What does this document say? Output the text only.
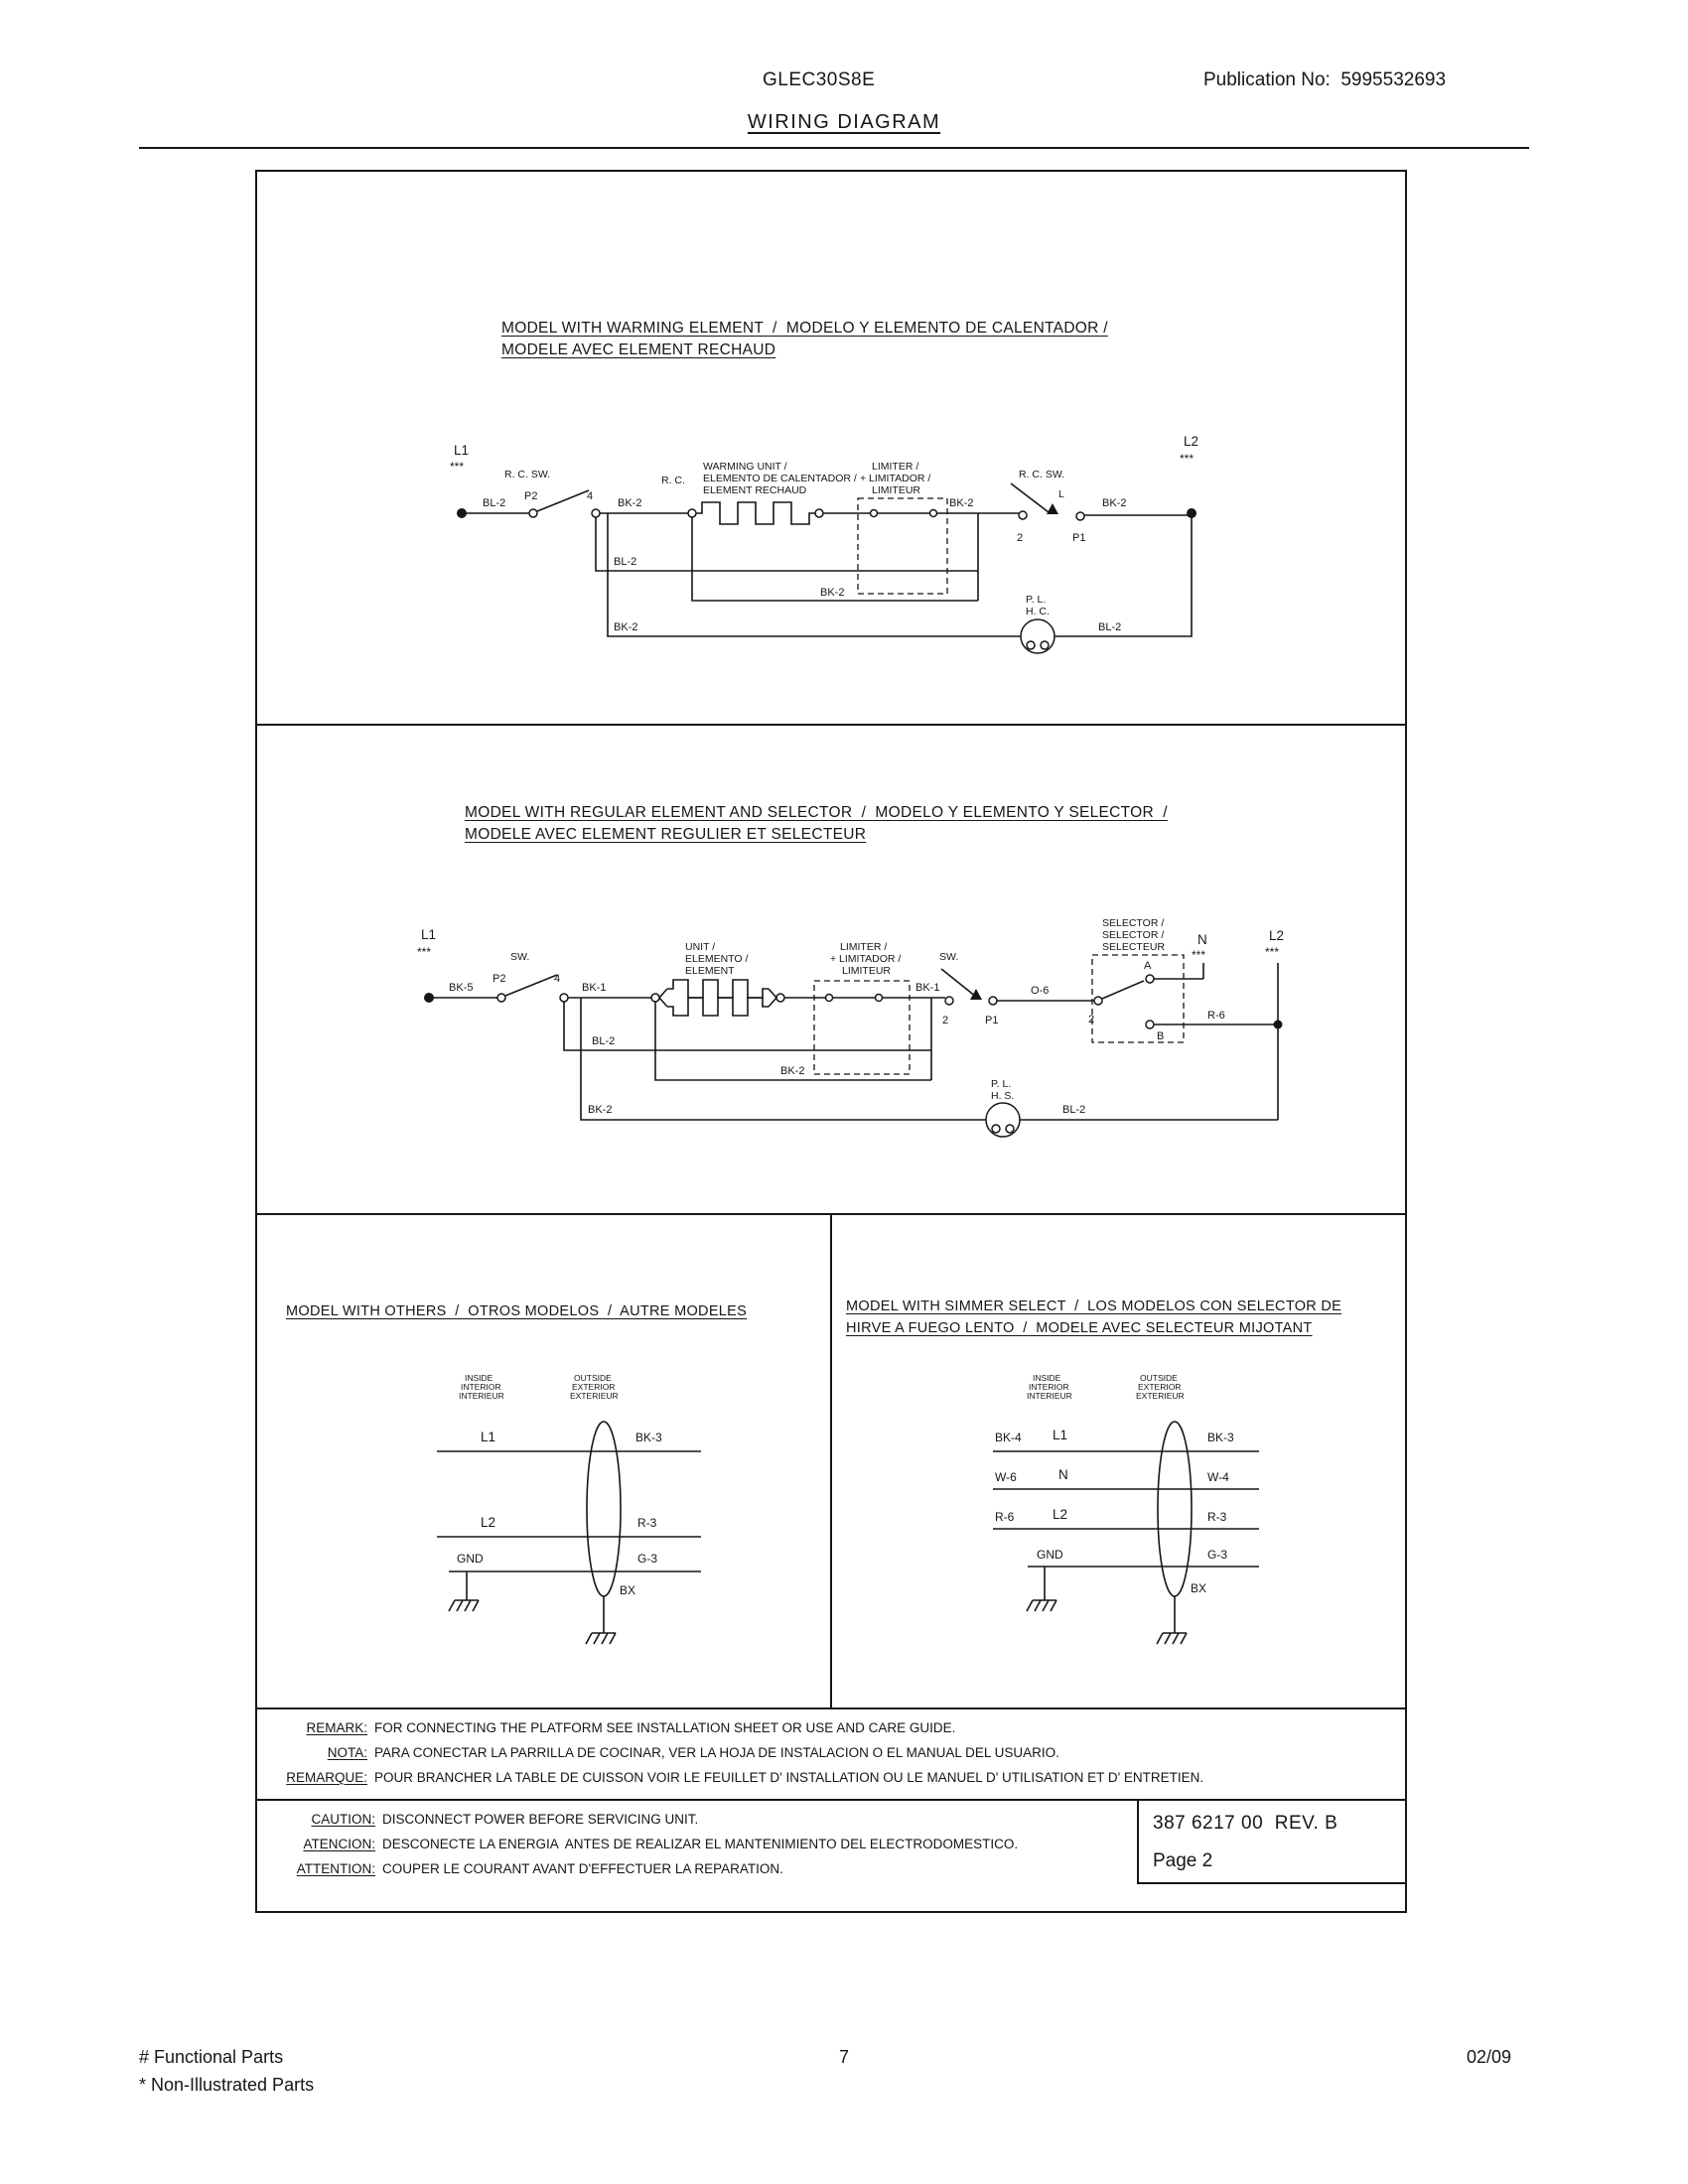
GLEC30S8E	Publication No:  5995532693
WIRING DIAGRAM
MODEL WITH WARMING ELEMENT  /  MODELO Y ELEMENTO DE CALENTADOR /
MODELE AVEC ELEMENT RECHAUD
MODEL WITH REGULAR ELEMENT AND SELECTOR  /  MODELO Y ELEMENTO Y SELECTOR  /
MODELE AVEC ELEMENT REGULIER ET SELECTEUR
MODEL WITH OTHERS  /  OTROS MODELOS  /  AUTRE MODELES	MODEL WITH SIMMER SELECT  /  LOS MODELOS CON SELECTOR DE
HIRVE A FUEGO LENTO  /  MODELE AVEC SELECTEUR MIJOTANT
REMARK: FOR CONNECTING THE PLATFORM SEE INSTALLATION SHEET OR USE AND CARE GUIDE.
NOTA: PARA CONECTAR LA PARRILLA DE COCINAR, VER LA HOJA DE INSTALACION O EL MANUAL DEL USUARIO.
REMARQUE: POUR BRANCHER LA TABLE DE CUISSON VOIR LE FEUILLET D' INSTALLATION OU LE MANUEL D' UTILISATION ET D' ENTRETIEN.
CAUTION: DISCONNECT POWER BEFORE SERVICING UNIT.
ATENCION: DESCONECTE LA ENERGIA  ANTES DE REALIZAR EL MANTENIMIENTO DEL ELECTRODOMESTICO.
ATTENTION: COUPER LE COURANT AVANT D'EFFECTUER LA REPARATION.
387 6217 00  REV. B
Page 2
# Functional Parts
* Non-Illustrated Parts
7	02/09
L1
***
R. C. SW.
BL-2
P2	4
BK-2
R. C.
WARMING UNIT /
ELEMENTO DE CALENTADOR /
ELEMENT RECHAUD
LIMITER /
+ LIMITADOR /
LIMITEUR
R. C. SW.
L
BK-2
2	P1
BK-2
L2
***
BL-2
BK-2
BK-2	BL-2
P. L.
H. C.
L1
***
BK-5
P2
SW.
4
BK-1
UNIT /
ELEMENTO /
ELEMENT
LIMITER /
+ LIMITADOR /
LIMITEUR
BK-1
SW.
2	P1
O-6
SELECTOR /
SELECTOR /
SELECTEUR N
***
L2
***
A
B
2	R-6
BL-2
BK-2
BK-2	BL-2
P. L.
H. S.
INSIDE
INTERIOR
INTERIEUR
OUTSIDE
EXTERIOR
EXTERIEUR
L1	BK-3
L2	R-3
GND	G-3
BX
INSIDE
INTERIOR
INTERIEUR
OUTSIDE
EXTERIOR
EXTERIEUR
BK-4 L1	BK-3
W-6	N	W-4
R-6	L2	R-3
GND	G-3
BX
